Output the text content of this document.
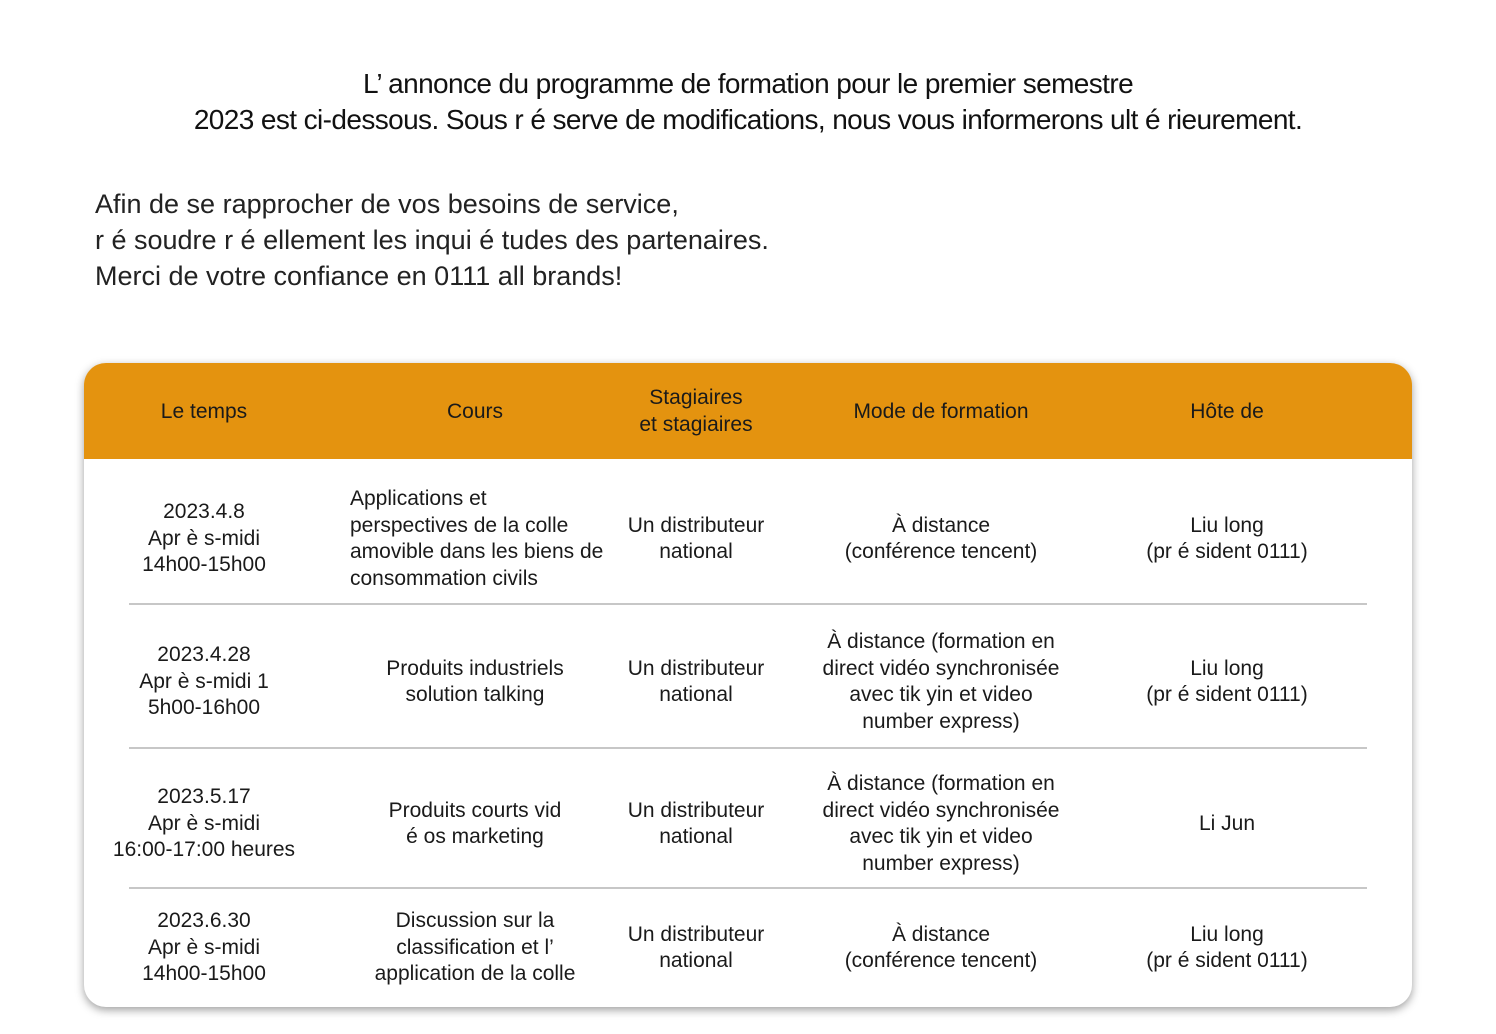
L’ annonce du programme de formation pour le premier semestre
2023 est ci-dessous. Sous r é serve de modifications, nous vous informerons ult é rieurement.
Afin de se rapprocher de vos besoins de service,
r é soudre r é ellement les inqui é tudes des partenaires.
Merci de votre confiance en 0111 all brands!
Le temps	Cours
Stagiaires
et stagiaires
Mode de formation	Hôte de
2023.4.8
Apr è s-midi
14h00-15h00
Applications et
perspectives de la colle
amovible dans les biens de
consommation civils
Un distributeur
national
À distance
(conférence tencent)
Liu long
(pr é sident 0111)
2023.4.28
Apr è s-midi 1
5h00-16h00
Produits industriels
solution talking
Un distributeur
national
À distance (formation en
direct vidéo synchronisée
avec tik yin et video
number express)
Liu long
(pr é sident 0111)
2023.5.17
Apr è s-midi
16:00-17:00 heures
Produits courts vid
é os marketing
Un distributeur
national
À distance (formation en
direct vidéo synchronisée
avec tik yin et video
number express)
Li Jun
2023.6.30
Apr è s-midi
14h00-15h00
Discussion sur la
classification et l’
application de la colle
Un distributeur
national
À distance
(conférence tencent)
Liu long
(pr é sident 0111)
